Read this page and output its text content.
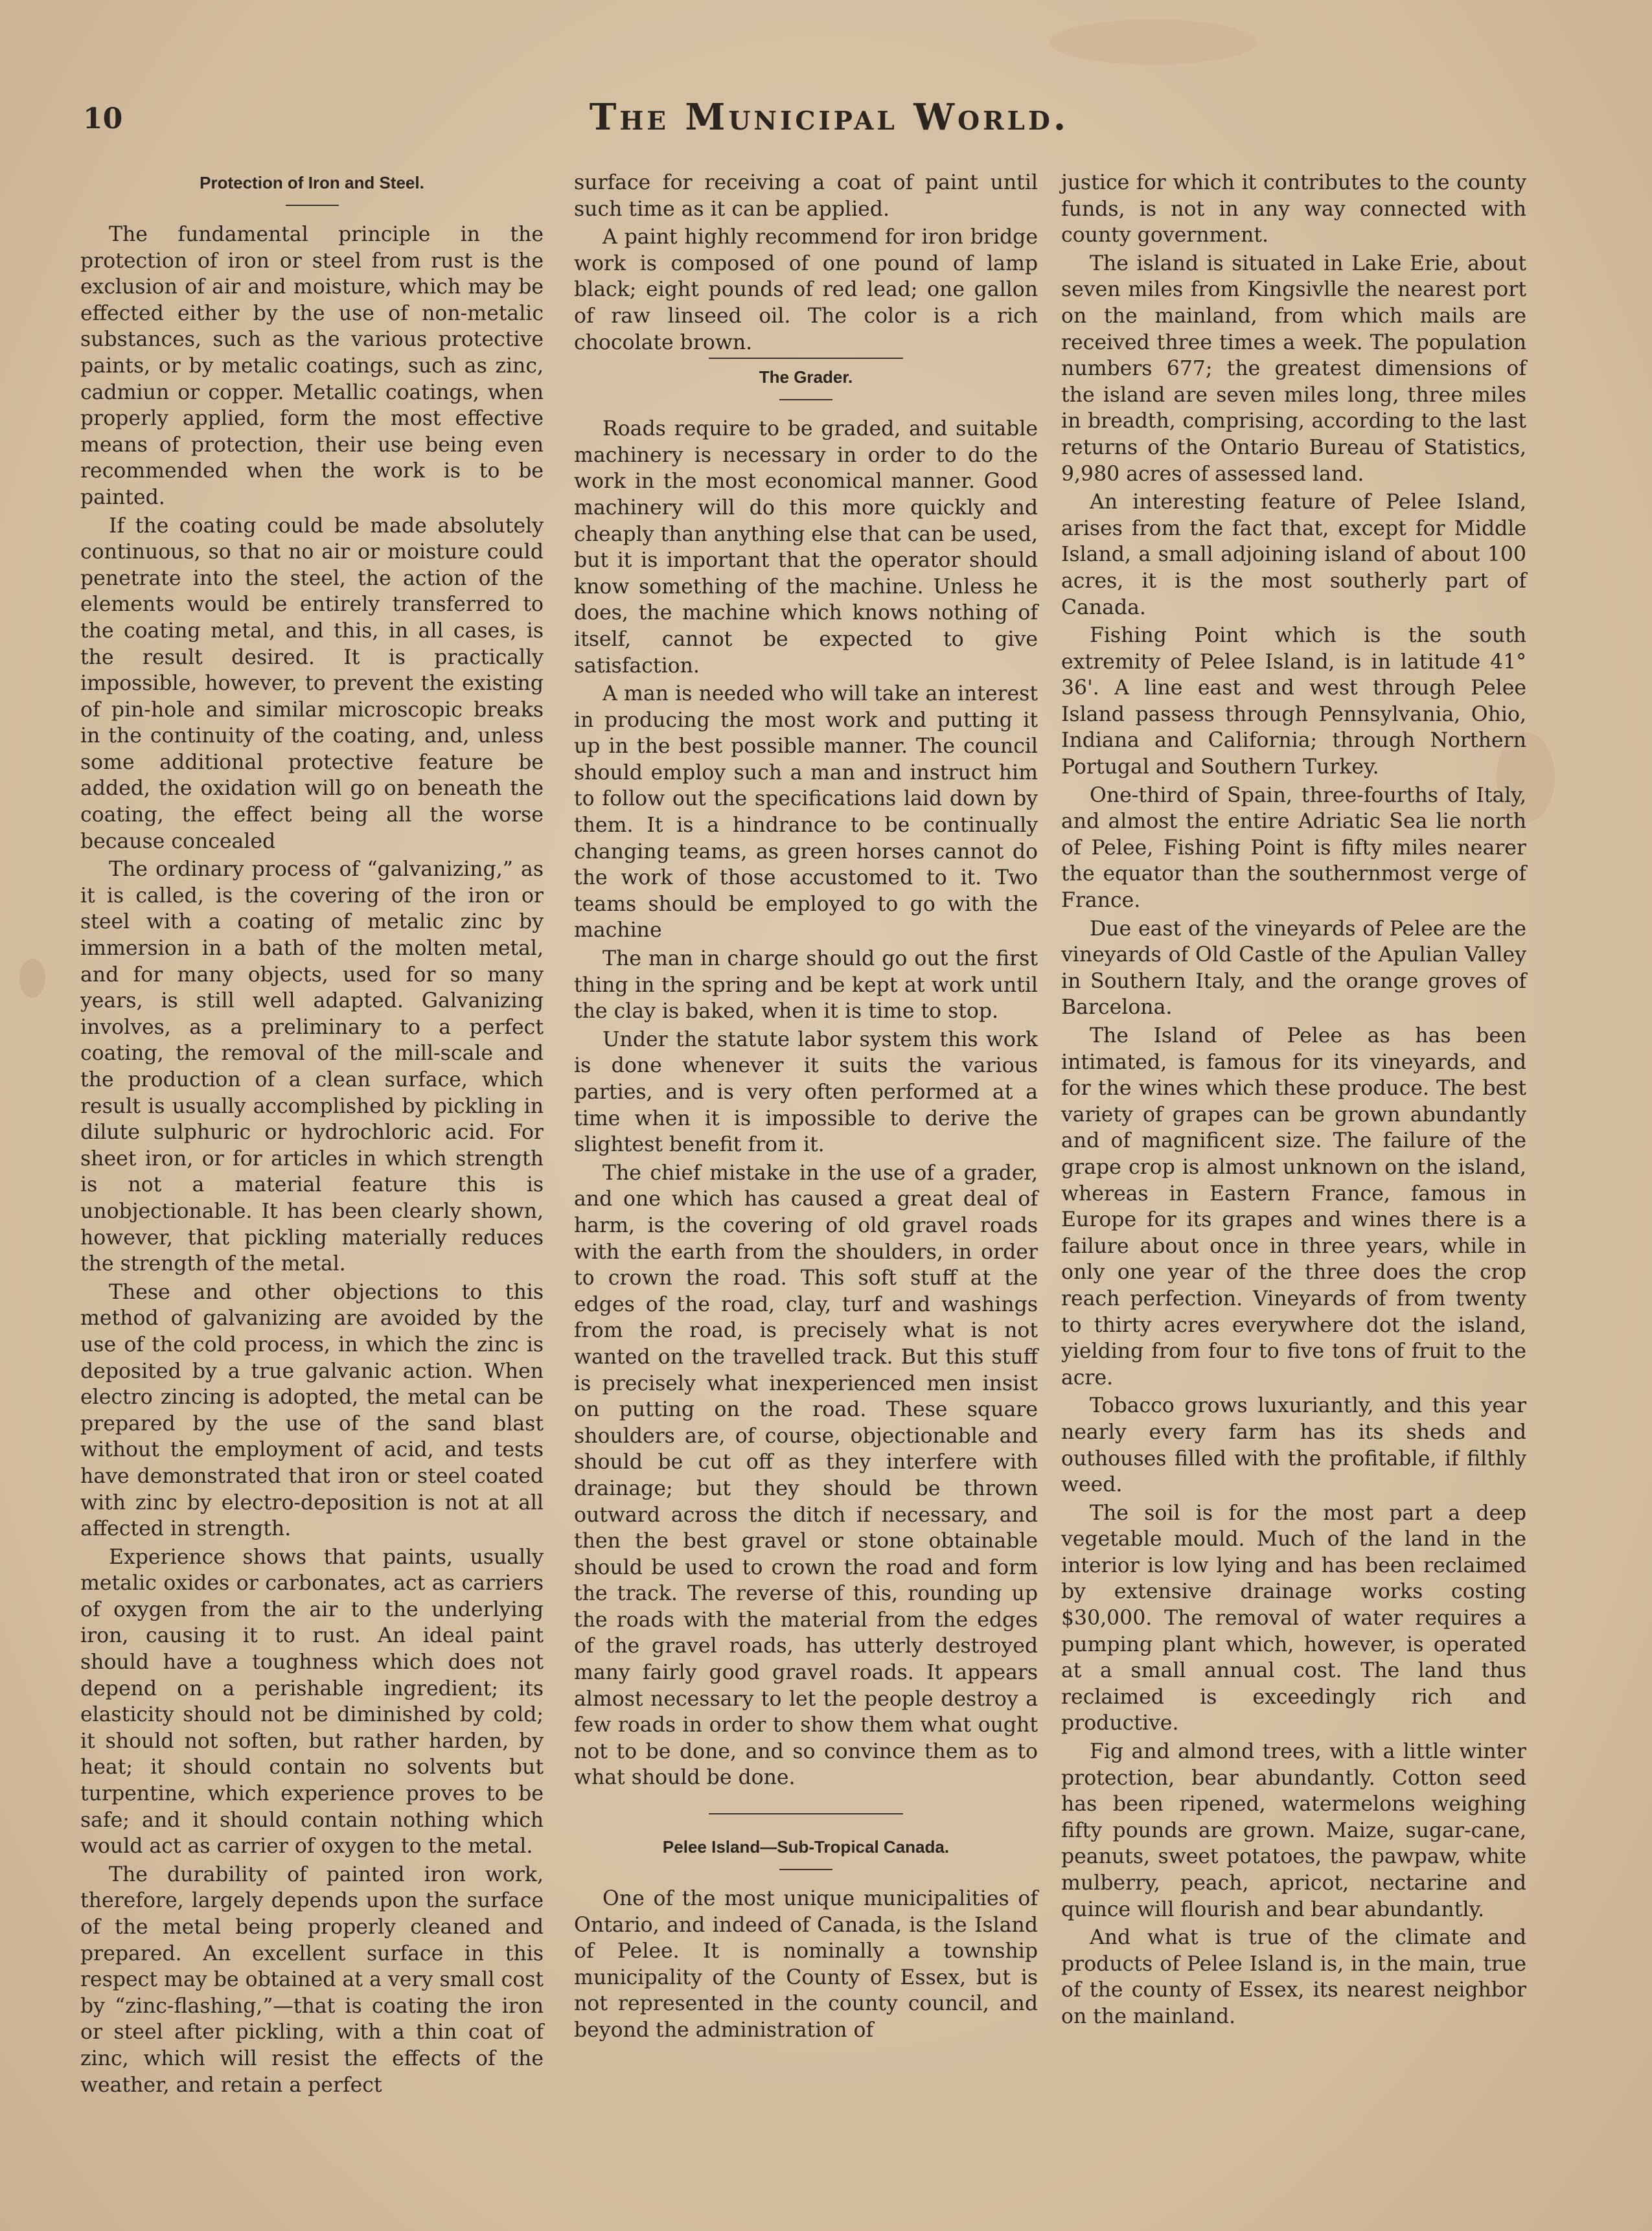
10	The Municipal World.
Protection of Iron and Steel.

The fundamental principle in the protection of iron or steel from rust is the exclusion of air and moisture, which may be effected either by the use of non-metalic substances, such as the various protective paints, or by metalic coatings, such as zinc, cadmiun or copper. Metallic coatings, when properly applied, form the most effective means of protection, their use being even recommended when the work is to be painted.

If the coating could be made absolutely continuous, so that no air or moisture could penetrate into the steel, the action of the elements would be entirely transferred to the coating metal, and this, in all cases, is the result desired. It is practically impossible, however, to prevent the existing of pin-hole and similar microscopic breaks in the continuity of the coating, and, unless some additional protective feature be added, the oxidation will go on beneath the coating, the effect being all the worse because concealed

The ordinary process of “galvanizing,” as it is called, is the covering of the iron or steel with a coating of metalic zinc by immersion in a bath of the molten metal, and for many objects, used for so many years, is still well adapted. Galvanizing involves, as a preliminary to a perfect coating, the removal of the mill-scale and the production of a clean surface, which result is usually accomplished by pickling in dilute sulphuric or hydrochloric acid. For sheet iron, or for articles in which strength is not a material feature this is unobjectionable. It has been clearly shown, however, that pickling materially reduces the strength of the metal.

These and other objections to this method of galvanizing are avoided by the use of the cold process, in which the zinc is deposited by a true galvanic action. When electro zincing is adopted, the metal can be prepared by the use of the sand blast without the employment of acid, and tests have demonstrated that iron or steel coated with zinc by electro-deposition is not at all affected in strength.

Experience shows that paints, usually metalic oxides or carbonates, act as carriers of oxygen from the air to the underlying iron, causing it to rust. An ideal paint should have a toughness which does not depend on a perishable ingredient; its elasticity should not be diminished by cold; it should not soften, but rather harden, by heat; it should contain no solvents but turpentine, which experience proves to be safe; and it should contain nothing which would act as carrier of oxygen to the metal.

The durability of painted iron work, therefore, largely depends upon the surface of the metal being properly cleaned and prepared. An excellent surface in this respect may be obtained at a very small cost by “zinc-flashing,”—that is coating the iron or steel after pickling, with a thin coat of zinc, which will resist the effects of the weather, and retain a perfect

surface for receiving a coat of paint until such time as it can be applied.

A paint highly recommend for iron bridge work is composed of one pound of lamp black; eight pounds of red lead; one gallon of raw linseed oil. The color is a rich chocolate brown.

The Grader.

Roads require to be graded, and suitable machinery is necessary in order to do the work in the most economical manner. Good machinery will do this more quickly and cheaply than anything else that can be used, but it is important that the operator should know something of the machine. Unless he does, the machine which knows nothing of itself, cannot be expected to give satisfaction.

A man is needed who will take an interest in producing the most work and putting it up in the best possible manner. The council should employ such a man and instruct him to follow out the specifications laid down by them. It is a hindrance to be continually changing teams, as green horses cannot do the work of those accustomed to it. Two teams should be employed to go with the machine

The man in charge should go out the first thing in the spring and be kept at work until the clay is baked, when it is time to stop.

Under the statute labor system this work is done whenever it suits the various parties, and is very often performed at a time when it is impossible to derive the slightest benefit from it.

The chief mistake in the use of a grader, and one which has caused a great deal of harm, is the covering of old gravel roads with the earth from the shoulders, in order to crown the road. This soft stuff at the edges of the road, clay, turf and washings from the road, is precisely what is not wanted on the travelled track. But this stuff is precisely what inexperienced men insist on putting on the road. These square shoulders are, of course, objectionable and should be cut off as they interfere with drainage; but they should be thrown outward across the ditch if necessary, and then the best gravel or stone obtainable should be used to crown the road and form the track. The reverse of this, rounding up the roads with the material from the edges of the gravel roads, has utterly destroyed many fairly good gravel roads. It appears almost necessary to let the people destroy a few roads in order to show them what ought not to be done, and so convince them as to what should be done.

Pelee Island—Sub-Tropical Canada.

One of the most unique municipalities of Ontario, and indeed of Canada, is the Island of Pelee. It is nominally a township municipality of the County of Essex, but is not represented in the county council, and beyond the administration of

justice for which it contributes to the county funds, is not in any way connected with county government.

The island is situated in Lake Erie, about seven miles from Kingsivlle the nearest port on the mainland, from which mails are received three times a week. The population numbers 677; the greatest dimensions of the island are seven miles long, three miles in breadth, comprising, according to the last returns of the Ontario Bureau of Statistics, 9,980 acres of assessed land.

An interesting feature of Pelee Island, arises from the fact that, except for Middle Island, a small adjoining island of about 100 acres, it is the most southerly part of Canada.

Fishing Point which is the south extremity of Pelee Island, is in latitude 41° 36'. A line east and west through Pelee Island passess through Pennsylvania, Ohio, Indiana and California; through Northern Portugal and Southern Turkey.

One-third of Spain, three-fourths of Italy, and almost the entire Adriatic Sea lie north of Pelee, Fishing Point is fifty miles nearer the equator than the southernmost verge of France.

Due east of the vineyards of Pelee are the vineyards of Old Castle of the Apulian Valley in Southern Italy, and the orange groves of Barcelona.

The Island of Pelee as has been intimated, is famous for its vineyards, and for the wines which these produce. The best variety of grapes can be grown abundantly and of magnificent size. The failure of the grape crop is almost unknown on the island, whereas in Eastern France, famous in Europe for its grapes and wines there is a failure about once in three years, while in only one year of the three does the crop reach perfection. Vineyards of from twenty to thirty acres everywhere dot the island, yielding from four to five tons of fruit to the acre.

Tobacco grows luxuriantly, and this year nearly every farm has its sheds and outhouses filled with the profitable, if filthly weed.

The soil is for the most part a deep vegetable mould. Much of the land in the interior is low lying and has been reclaimed by extensive drainage works costing $30,000. The removal of water requires a pumping plant which, however, is operated at a small annual cost. The land thus reclaimed is exceedingly rich and productive.

Fig and almond trees, with a little winter protection, bear abundantly. Cotton seed has been ripened, watermelons weighing fifty pounds are grown. Maize, sugar-cane, peanuts, sweet potatoes, the pawpaw, white mulberry, peach, apricot, nectarine and quince will flourish and bear abundantly.

And what is true of the climate and products of Pelee Island is, in the main, true of the county of Essex, its nearest neighbor on the mainland.
